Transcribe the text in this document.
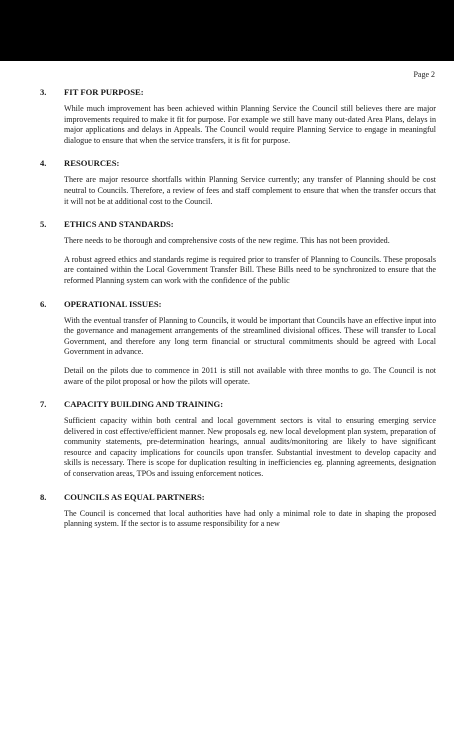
Page 2
3.	FIT FOR PURPOSE:

While much improvement has been achieved within Planning Service the Council still believes there are major improvements required to make it fit for purpose. For example we still have many out-dated Area Plans, delays in major applications and delays in Appeals. The Council would require Planning Service to engage in meaningful dialogue to ensure that when the service transfers, it is fit for purpose.

4.	RESOURCES:

There are major resource shortfalls within Planning Service currently; any transfer of Planning should be cost neutral to Councils. Therefore, a review of fees and staff complement to ensure that when the transfer occurs that it will not be at additional cost to the Council.

5.	ETHICS AND STANDARDS:

There needs to be thorough and comprehensive costs of the new regime. This has not been provided.

A robust agreed ethics and standards regime is required prior to transfer of Planning to Councils. These proposals are contained within the Local Government Transfer Bill. These Bills need to be synchronized to ensure that the reformed Planning system can work with the confidence of the public

6.	OPERATIONAL ISSUES:

With the eventual transfer of Planning to Councils, it would be important that Councils have an effective input into the governance and management arrangements of the streamlined divisional offices. These will transfer to Local Government, and therefore any long term financial or structural commitments should be agreed with Local Government in advance.

Detail on the pilots due to commence in 2011 is still not available with three months to go. The Council is not aware of the pilot proposal or how the pilots will operate.

7.	CAPACITY BUILDING AND TRAINING:

Sufficient capacity within both central and local government sectors is vital to ensuring emerging service delivered in cost effective/efficient manner. New proposals eg. new local development plan system, preparation of community statements, pre-determination hearings, annual audits/monitoring are likely to have significant resource and capacity implications for councils upon transfer. Substantial investment to develop capacity and skills is necessary. There is scope for duplication resulting in inefficiencies eg. planning agreements, designation of conservation areas, TPOs and issuing enforcement notices.

8.	COUNCILS AS EQUAL PARTNERS:

The Council is concerned that local authorities have had only a minimal role to date in shaping the proposed planning system. If the sector is to assume responsibility for a new
